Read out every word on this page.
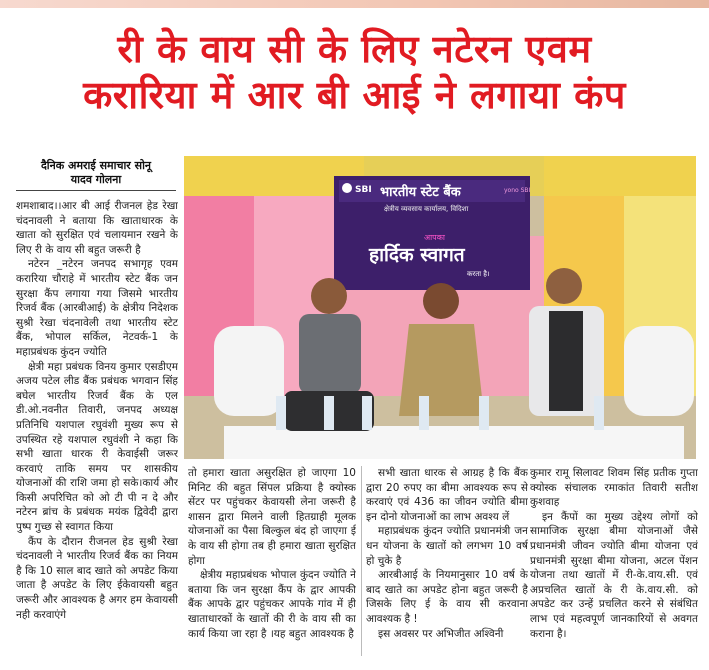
री के वाय सी के लिए नटेरन एवम
करारिया में आर बी आई ने लगाया कंप
दैनिक अमराई समाचार सोनू
यादव गोलना
SBI भारतीय स्टेट बैंक	yono SBI
क्षेत्रीय व्यवसाय कार्यालय, विदिशा
आपका
हार्दिक स्वागत
करता है।

शमशाबाद।।आर बी आई रीजनल हेड रेखा चंदनावली ने बताया कि खाताधारक के खाता को सुरक्षित एवं चलायमान रखने के लिए री के वाय सी बहुत जरूरी है

नटेरन _नटेरन जनपद सभागृह एवम करारिया चौराहे में भारतीय स्टेट बैंक जन सुरक्षा कैंप लगाया गया जिसमे भारतीय रिजर्व बैंक (आरबीआई) के क्षेत्रीय निदेशक सुश्री रेखा चंदनावेली तथा भारतीय स्टेट बैंक, भोपाल सर्किल, नेटवर्क-1 के महाप्रबंधक कुंदन ज्योति

क्षेत्री महा प्रबंधक विनय कुमार एसडीएम अजय पटेल लीड बैंक प्रबंधक भगवान सिंह बघेल भारतीय रिजर्व बैंक के एल डी.ओ.नवनीत तिवारी, जनपद अध्यक्ष प्रतिनिधि यशपाल रघुवंशी मुख्य रूप से उपस्थित रहे यशपाल रघुवंशी ने कहा कि सभी खाता धारक री केवाईसी जरूर करवाएं ताकि समय पर शासकीय योजनाओं की राशि जमा हो सके।कार्य और किसी अपरिचित को ओ टी पी न दे और नटेरन ब्रांच के प्रबंधक मयंक द्विवेदी द्वारा पुष्प गुच्छ से स्वागत किया

कैंप के दौरान रीजनल हेड सुश्री रेखा चंदनावली ने भारतीय रिजर्व बैंक का नियम है कि 10 साल बाद खाते को अपडेट किया जाता है अपडेट के लिए ईकेवायसी बहुत जरूरी और आवश्यक है अगर हम केवायसी नही करवाएंगे

तो हमारा खाता असुरक्षित हो जाएगा 10 मिनिट की बहुत सिंपल प्रक्रिया है क्योस्क सेंटर पर पहुंचकर केवायसी लेना जरूरी है शासन द्वारा मिलने वाली हितग्राही मूलक योजनाओं का पैसा बिल्कुल बंद हो जाएगा ई के वाय सी होगा तब ही हमारा खाता सुरक्षित होगा

क्षेत्रीय महाप्रबंधक भोपाल कुंदन ज्योति ने बताया कि जन सुरक्षा कैंप के द्वार आपकी बैंक आपके द्वार पहुंचकर आपके गांव में ही खाताधारकों के खातों की री के वाय सी का कार्य किया जा रहा है ।यह बहुत आवश्यक है

सभी खाता धारक से आग्रह है कि बैंक द्वारा 20 रुपए का बीमा आवश्यक रूप से करवाएं एवं 436 का जीवन ज्योति बीमा इन दोनो योजनाओं का लाभ अवश्य लें

महाप्रबंधक कुंदन ज्योति प्रधानमंत्री जन धन योजना के खातों को लगभग 10 वर्ष हो चुके है

आरबीआई के नियमानुसार 10 वर्ष के बाद खाते का अपडेट होना बहुत जरूरी है जिसके लिए ई के वाय सी करवाना आवश्यक है !

इस अवसर पर अभिजीत अश्विनी

कुमार रामू सिलावट शिवम सिंह प्रतीक गुप्ता क्योस्क संचालक रमाकांत तिवारी सतीश कुशवाह

इन कैंपों का मुख्य उद्देश्य लोगों को सामाजिक सुरक्षा बीमा योजनाओं जैसे प्रधानमंत्री जीवन ज्योति बीमा योजना एवं प्रधानमंत्री सुरक्षा बीमा योजना, अटल पेंशन योजना तथा खातों में री-के.वाय.सी. एवं अप्रचलित खातों के री के.वाय.सी. को अपडेट कर उन्हें प्रचलित करने से संबंधित लाभ एवं महत्वपूर्ण जानकारियों से अवगत कराना है।
